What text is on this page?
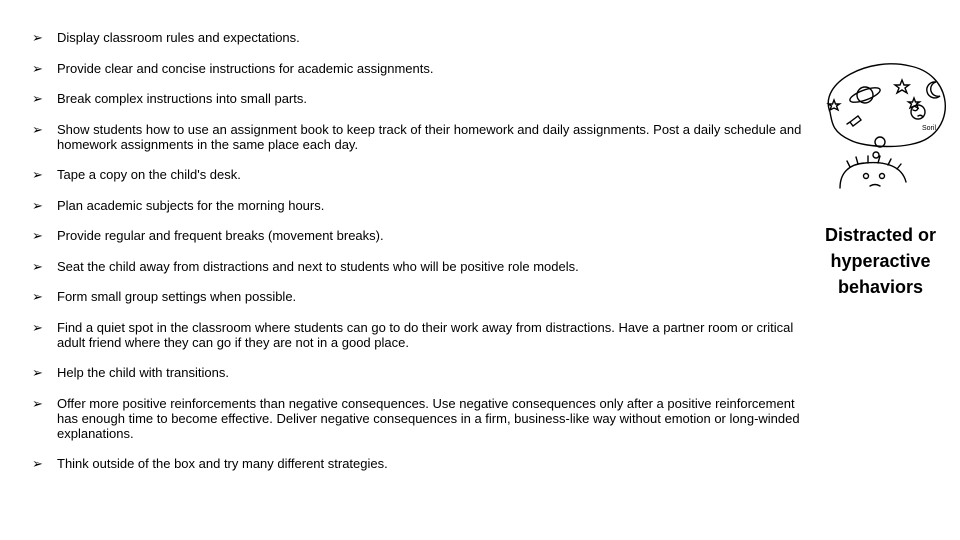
➢	Display classroom rules and expectations.
➢	Provide clear and concise instructions for academic assignments.
➢	Break complex instructions into small parts.
➢	Show students how to use an assignment book to keep track of their homework and daily assignments. Post a daily schedule and homework assignments in the same place each day.
➢	Tape a copy on the child's desk.
➢	Plan academic subjects for the morning hours.
➢	Provide regular and frequent breaks (movement breaks).
➢	Seat the child away from distractions and next to students who will be positive role models.
➢	Form small group settings when possible.
➢	Find a quiet spot in the classroom where students can go to do their work away from distractions. Have a partner room or critical adult friend where they can go if they are not in a good place.
➢	Help the child with transitions.
➢	Offer more positive reinforcements than negative consequences. Use negative consequences only after a positive reinforcement has enough time to become effective. Deliver negative consequences in a firm, business-like way without emotion or long-winded explanations.
➢	Think outside of the box and try many different strategies.
Soril
Distracted or hyperactive behaviors
